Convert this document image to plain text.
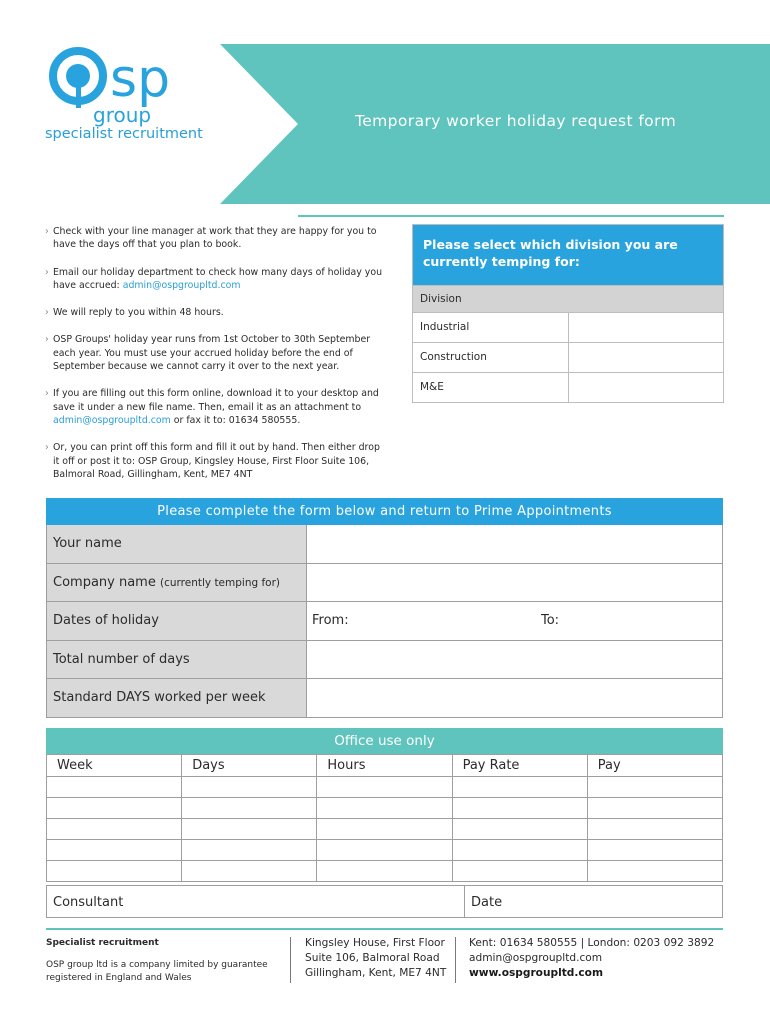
Temporary worker holiday request form
sp
group
specialist recruitment
› Check with your line manager at work that they are happy for you to have the days off that you plan to book.
› Email our holiday department to check how many days of holiday you have accrued: admin@ospgroupltd.com
› We will reply to you within 48 hours.
› OSP Groups' holiday year runs from 1st October to 30th September each year. You must use your accrued holiday before the end of September because we cannot carry it over to the next year.
› If you are filling out this form online, download it to your desktop and save it under a new file name. Then, email it as an attachment to admin@ospgroupltd.com or fax it to: 01634 580555.
› Or, you can print off this form and fill it out by hand. Then either drop it off or post it to: OSP Group, Kingsley House, First Floor Suite 106, Balmoral Road, Gillingham, Kent, ME7 4NT
Please select which division you are currently temping for:
Division
Industrial
Construction
M&E
Please complete the form below and return to Prime Appointments
Your name
Company name (currently temping for)
Dates of holiday	From:	To:
Total number of days
Standard DAYS worked per week
Office use only
Week	Days	Hours	Pay Rate	Pay

Consultant	Date
Specialist recruitment
OSP group ltd is a company limited by guarantee registered in England and Wales
Kingsley House, First Floor
Suite 106, Balmoral Road
Gillingham, Kent, ME7 4NT
Kent: 01634 580555 | London: 0203 092 3892
admin@ospgroupltd.com
www.ospgroupltd.com
